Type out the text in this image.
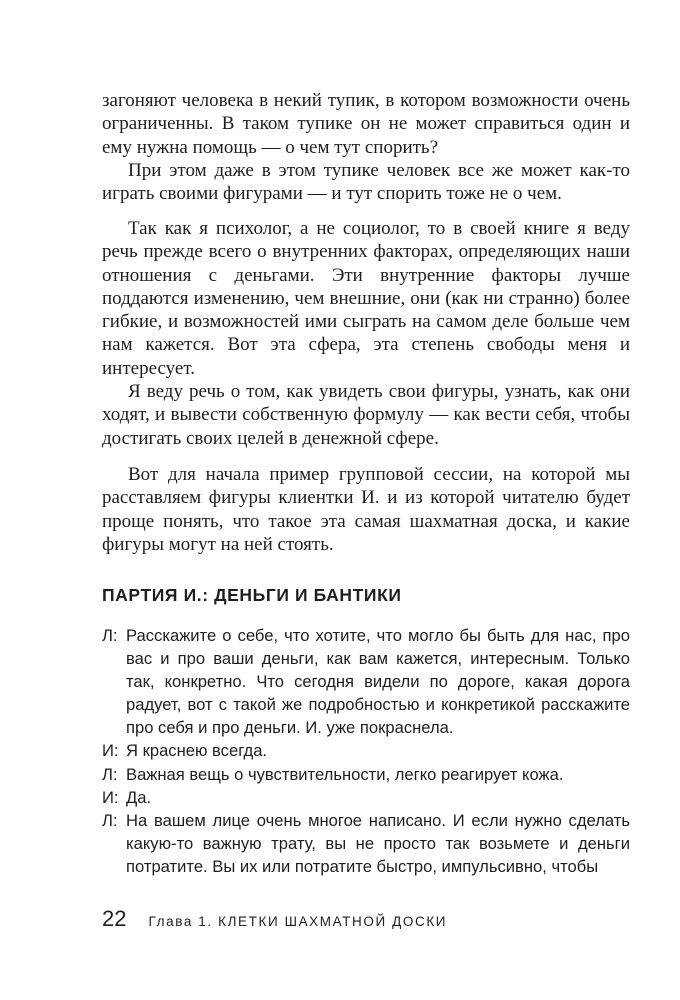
загоняют человека в некий тупик, в котором возможности очень ограниченны. В таком тупике он не может справиться один и ему нужна помощь — о чем тут спорить?

При этом даже в этом тупике человек все же может как-то играть своими фигурами — и тут спорить тоже не о чем.

Так как я психолог, а не социолог, то в своей книге я веду речь прежде всего о внутренних факторах, определяющих наши отношения с деньгами. Эти внутренние факторы лучше поддаются изменению, чем внешние, они (как ни странно) более гибкие, и возможностей ими сыграть на самом деле больше чем нам кажется. Вот эта сфера, эта степень свободы меня и интересует.

Я веду речь о том, как увидеть свои фигуры, узнать, как они ходят, и вывести собственную формулу — как вести себя, чтобы достигать своих целей в денежной сфере.

Вот для начала пример групповой сессии, на которой мы расставляем фигуры клиентки И. и из которой читателю будет проще понять, что такое эта самая шахматная доска, и какие фигуры могут на ней стоять.

ПАРТИЯ И.: ДЕНЬГИ И БАНТИКИ
Л: Расскажите о себе, что хотите, что могло бы быть для нас, про вас и про ваши деньги, как вам кажется, интересным. Только так, конкретно. Что сегодня видели по дороге, какая дорога радует, вот с такой же подробностью и конкретикой расскажите про себя и про деньги. И. уже покраснела.
И: Я краснею всегда.
Л: Важная вещь о чувствительности, легко реагирует кожа.
И: Да.
Л: На вашем лице очень многое написано. И если нужно сделать какую-то важную трату, вы не просто так возьмете и деньги потратите. Вы их или потратите быстро, импульсивно, чтобы
22 Глава 1. КЛЕТКИ ШАХМАТНОЙ ДОСКИ
